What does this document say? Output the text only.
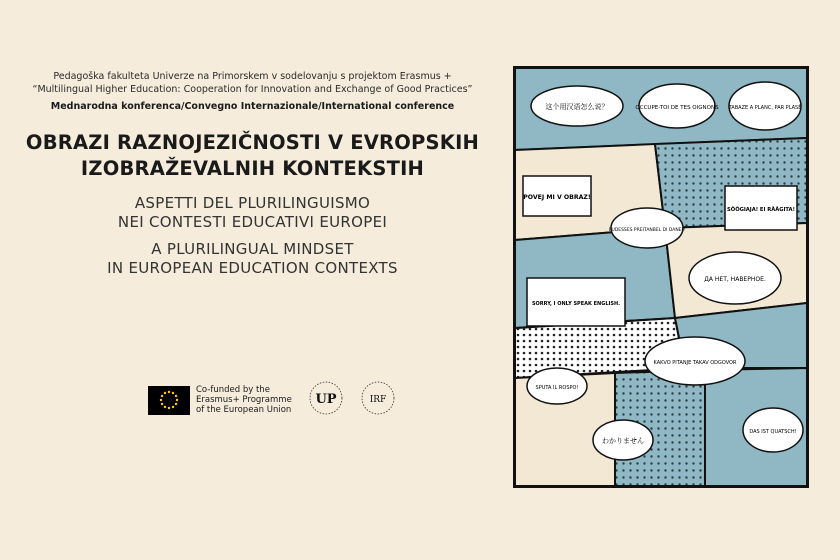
Pedagoška fakulteta Univerze na Primorskem v sodelovanju s projektom Erasmus +
“Multilingual Higher Education: Cooperation for Innovation and Exchange of Good Practices”
Mednarodna konferenca/Convegno Internazionale/International conference
OBRAZI RAZNOJEZIČNOSTI V EVROPSKIH
IZOBRAŽEVALNIH KONTEKSTIH
ASPETTI DEL PLURILINGUISMO
NEI CONTESTI EDUCATIVI EUROPEI
A PLURILINGUAL MINDSET
IN EUROPEAN EDUCATION CONTEXTS
Co-funded by the
Erasmus+ Programme
of the European Union
UP	IRF
这个用汉语怎么说？	OCCUPE-TOI DE TES OIGNONS TABAZE A PLANC, PAR PLASÊ
POVEJ MI V OBRAZ!
PUDESSES PREITANBEL DI DANEI?
SÕÕGIAJA! EI RÄÄGITA!
ДА НЕТ, НАВЕРНОЕ.
SORRY, I ONLY SPEAK ENGLISH.
KAKVO PITANJE TAKAV ODGOVOR
SPUTA IL ROSPO!
わかりません
DAS IST QUATSCH!
